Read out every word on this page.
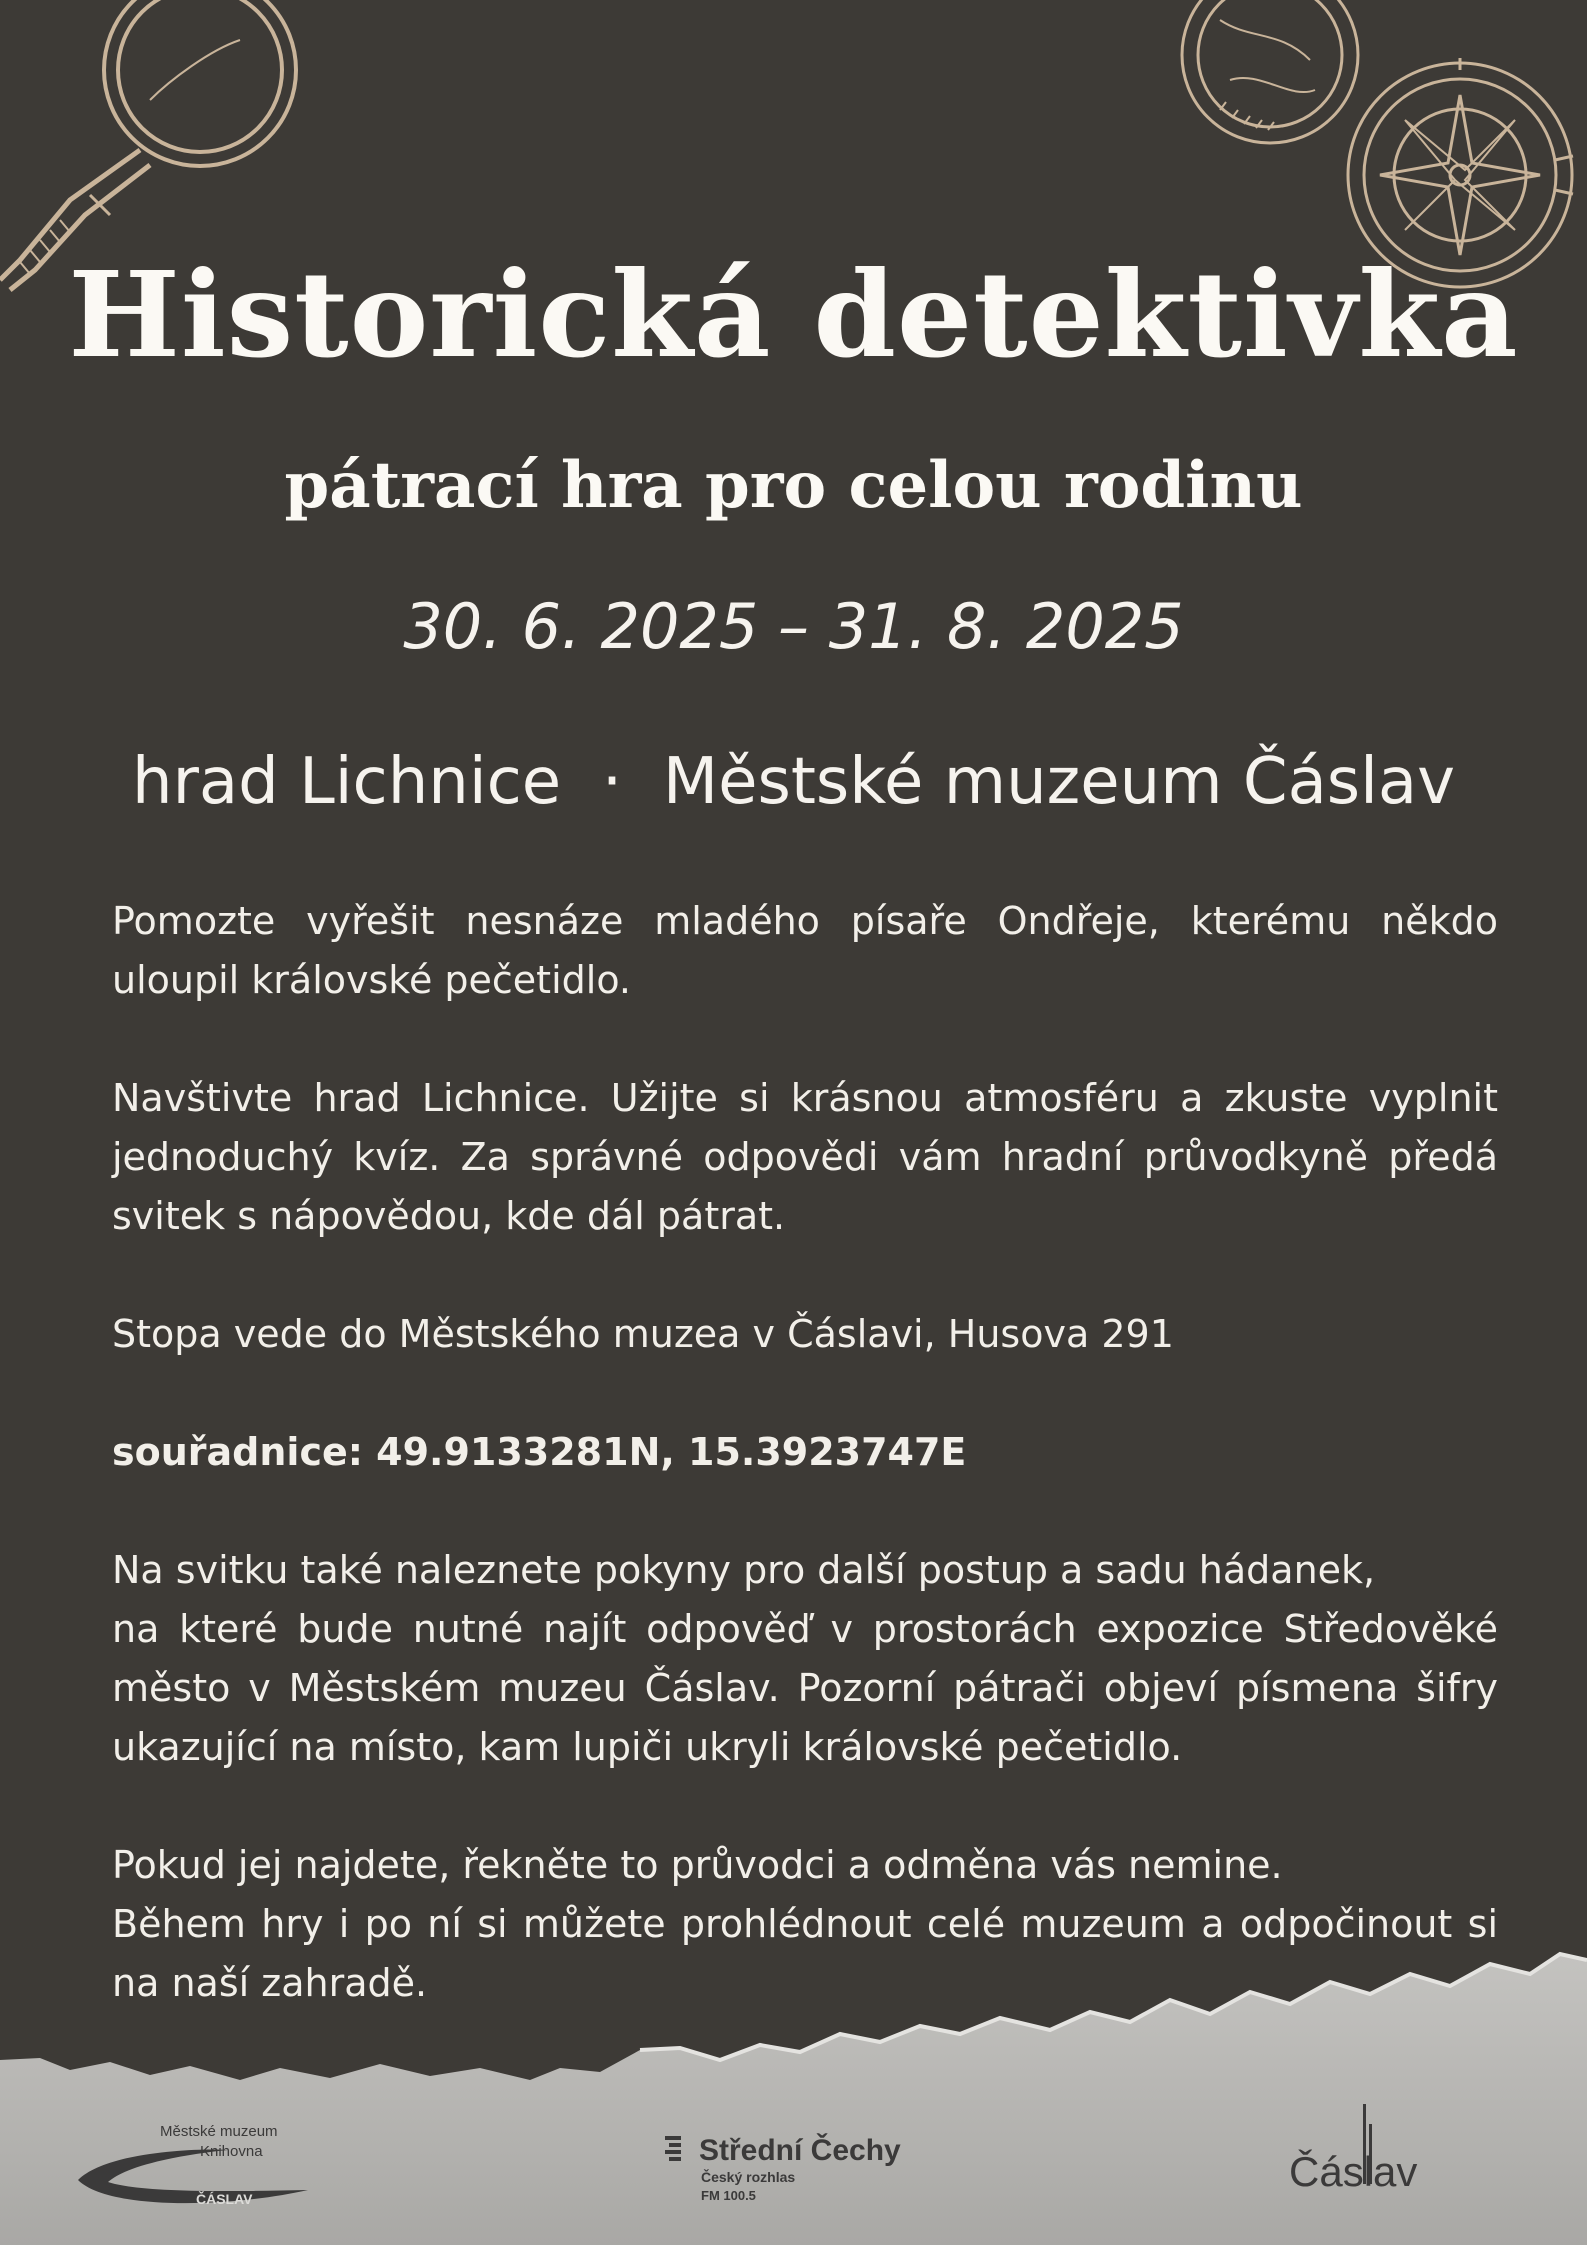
Historická detektivka
pátrací hra pro celou rodinu
30. 6. 2025 – 31. 8. 2025
hrad Lichnice  ·  Městské muzeum Čáslav

Pomozte vyřešit nesnáze mladého písaře Ondřeje, kterému někdo uloupil královské pečetidlo.

Navštivte hrad Lichnice. Užijte si krásnou atmosféru a zkuste vyplnit jednoduchý kvíz. Za správné odpovědi vám hradní průvodkyně předá svitek s nápovědou, kde dál pátrat.

Stopa vede do Městského muzea v Čáslavi, Husova 291

souřadnice: 49.9133281N, 15.3923747E

Na svitku také naleznete pokyny pro další postup a sadu hádanek,
na které bude nutné najít odpověď v prostorách expozice Středověké město v Městském muzeu Čáslav. Pozorní pátrači objeví písmena šifry ukazující na místo, kam lupiči ukryli královské pečetidlo.

Pokud jej najdete, řekněte to průvodci a odměna vás nemine.
Během hry i po ní si můžete prohlédnout celé muzeum a odpočinout si na naší zahradě.

Městské muzeum
Knihovna
ČÁSLAV
Střední Čechy
Český rozhlas
FM 100.5
Čáslav
